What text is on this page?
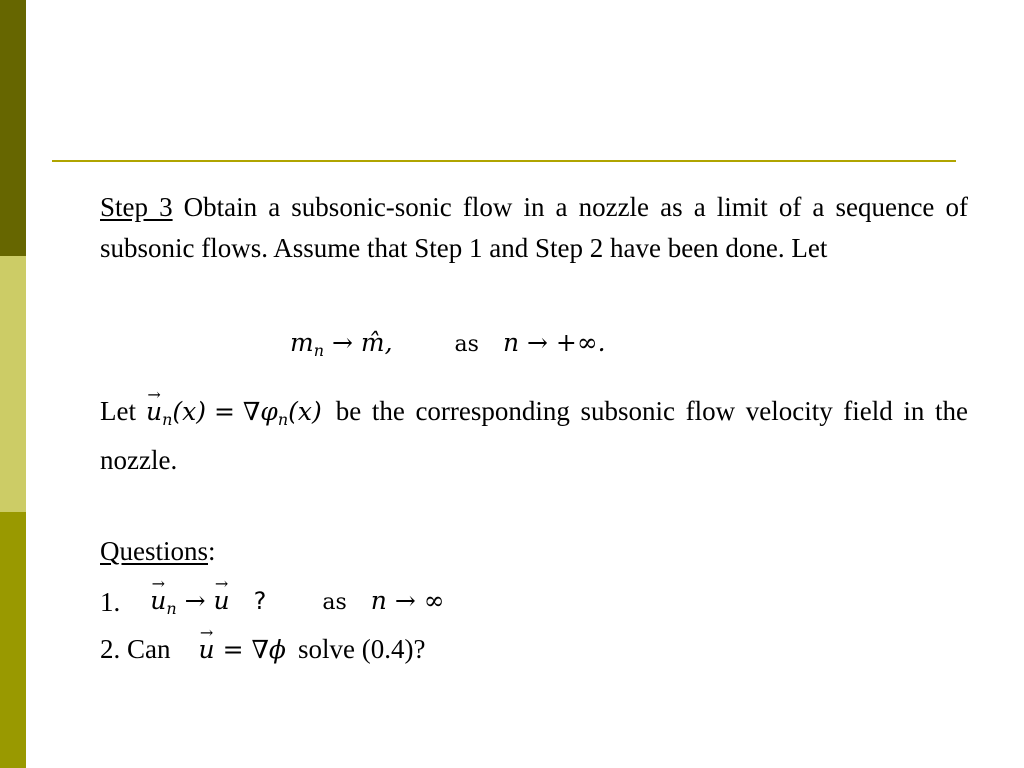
Step 3 Obtain a subsonic-sonic flow in a nozzle as a limit of a sequence of subsonic flows. Assume that Step 1 and Step 2 have been done. Let
$m_n$ → m̂,	as n → +∞.
$Let\to u_n(x) = \nabla\varphi_n(x)$ be the corresponding subsonic flow velocity field in the nozzle.
Questions:
$1.\to u_n$ → → u ?	as n → ∞
2. Can→ u = ∇ϕ solve (0.4)?
